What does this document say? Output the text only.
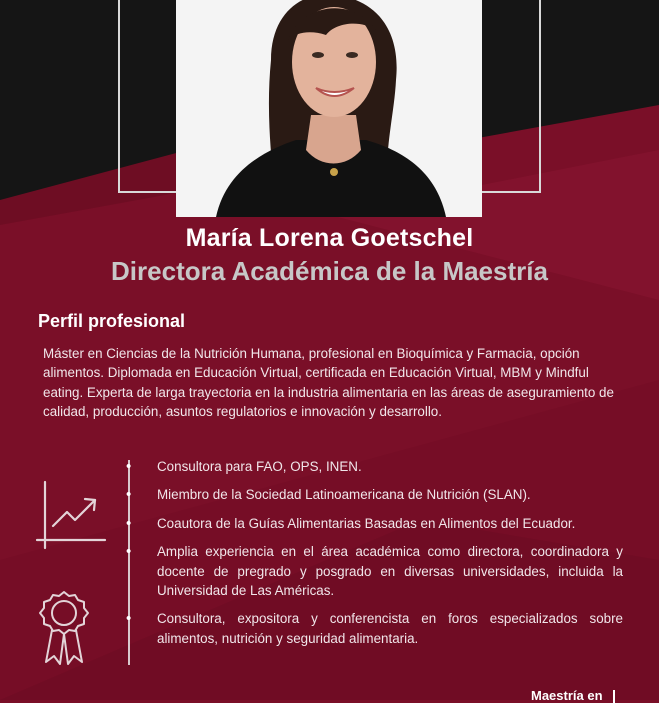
María Lorena Goetschel
Directora Académica de la Maestría
Perfil profesional

Máster en Ciencias de la Nutrición Humana, profesional en Bioquímica y Farmacia, opción alimentos. Diplomada en Educación Virtual, certificada en Educación Virtual, MBM y Mindful eating. Experta de larga trayectoria en la industria alimentaria en las áreas de aseguramiento de calidad, producción, asuntos regulatorios e innovación y desarrollo.

• Consultora para FAO, OPS, INEN.
• Miembro de la Sociedad Latinoamericana de Nutrición (SLAN).
• Coautora de la Guías Alimentarias Basadas en Alimentos del Ecuador.
• Amplia experiencia en el área académica como directora, coordinadora y docente de pregrado y posgrado en diversas universidades, incluida la Universidad de Las Américas.
• Consultora, expositora y conferencista en foros especializados sobre alimentos, nutrición y seguridad alimentaria.
Maestría en
